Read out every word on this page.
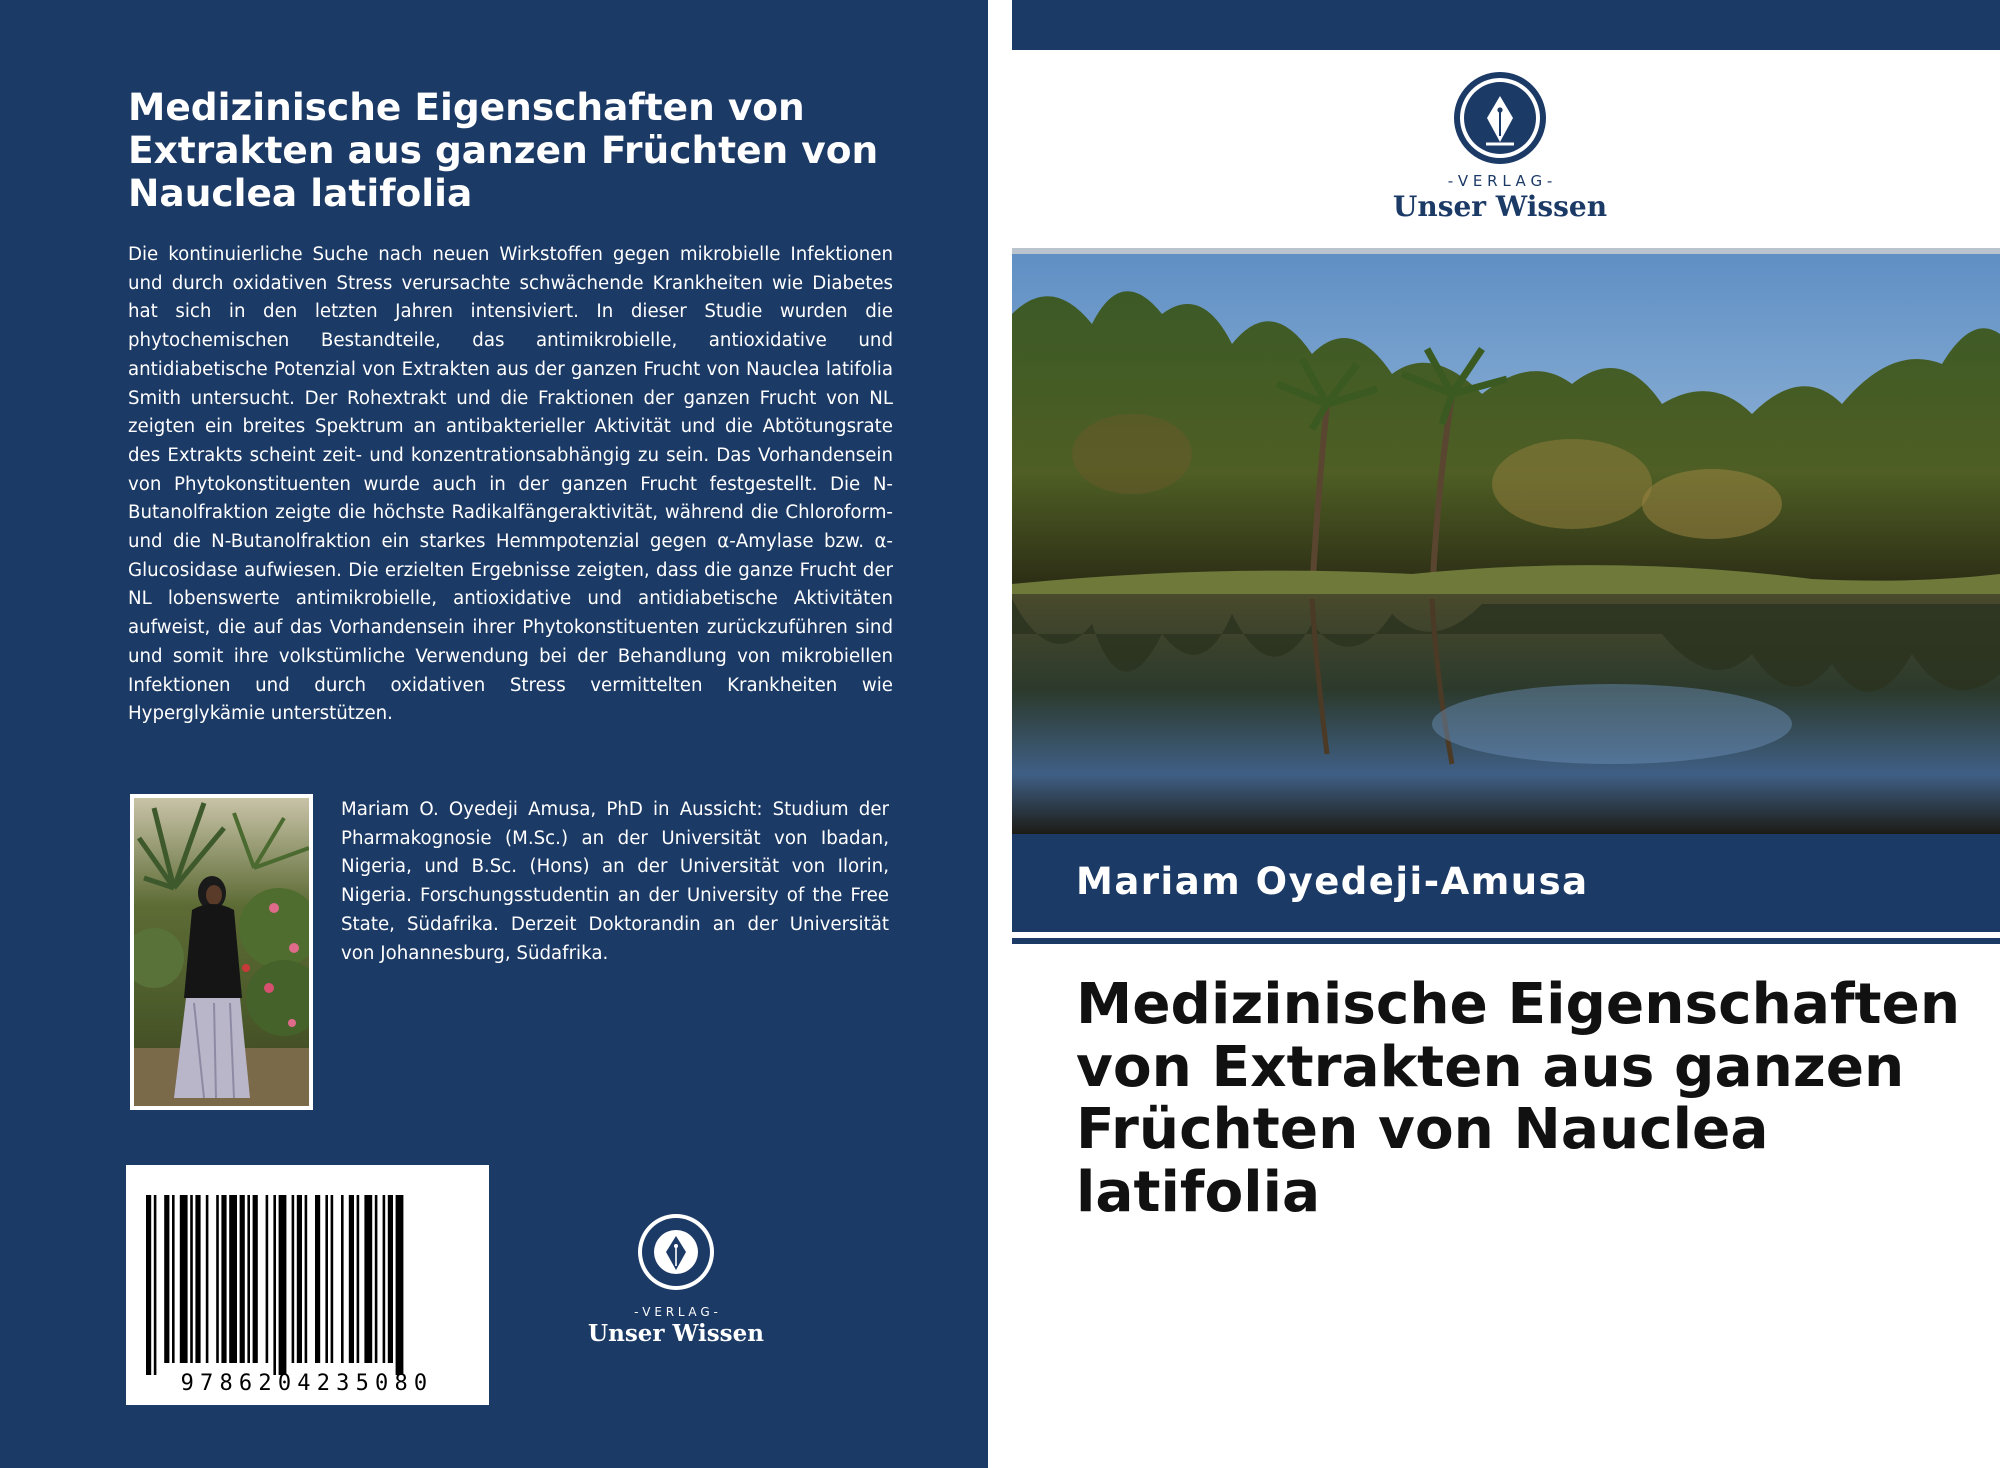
Medizinische Eigenschaften von Extrakten aus ganzen Früchten von Nauclea latifolia

Die kontinuierliche Suche nach neuen Wirkstoffen gegen mikrobielle Infektionen und durch oxidativen Stress verursachte schwächende Krankheiten wie Diabetes hat sich in den letzten Jahren intensiviert. In dieser Studie wurden die phytochemischen Bestandteile, das antimikrobielle, antioxidative und antidiabetische Potenzial von Extrakten aus der ganzen Frucht von Nauclea latifolia Smith untersucht. Der Rohextrakt und die Fraktionen der ganzen Frucht von NL zeigten ein breites Spektrum an antibakterieller Aktivität und die Abtötungsrate des Extrakts scheint zeit- und konzentrationsabhängig zu sein. Das Vorhandensein von Phytokonstituenten wurde auch in der ganzen Frucht festgestellt. Die N-Butanolfraktion zeigte die höchste Radikalfängeraktivität, während die Chloroform- und die N-Butanolfraktion ein starkes Hemmpotenzial gegen α-Amylase bzw. α-Glucosidase aufwiesen. Die erzielten Ergebnisse zeigten, dass die ganze Frucht der NL lobenswerte antimikrobielle, antioxidative und antidiabetische Aktivitäten aufweist, die auf das Vorhandensein ihrer Phytokonstituenten zurückzuführen sind und somit ihre volkstümliche Verwendung bei der Behandlung von mikrobiellen Infektionen und durch oxidativen Stress vermittelten Krankheiten wie Hyperglykämie unterstützen.

Mariam O. Oyedeji Amusa, PhD in Aussicht: Studium der Pharmakognosie (M.Sc.) an der Universität von Ibadan, Nigeria, und B.Sc. (Hons) an der Universität von Ilorin, Nigeria. Forschungsstudentin an der University of the Free State, Südafrika. Derzeit Doktorandin an der Universität von Johannesburg, Südafrika.

9786204235080
- V E R L A G -
Unser Wissen
- V E R L A G -
Unser Wissen
Mariam Oyedeji-Amusa
Medizinische Eigenschaften von Extrakten aus ganzen Früchten von Nauclea latifolia
